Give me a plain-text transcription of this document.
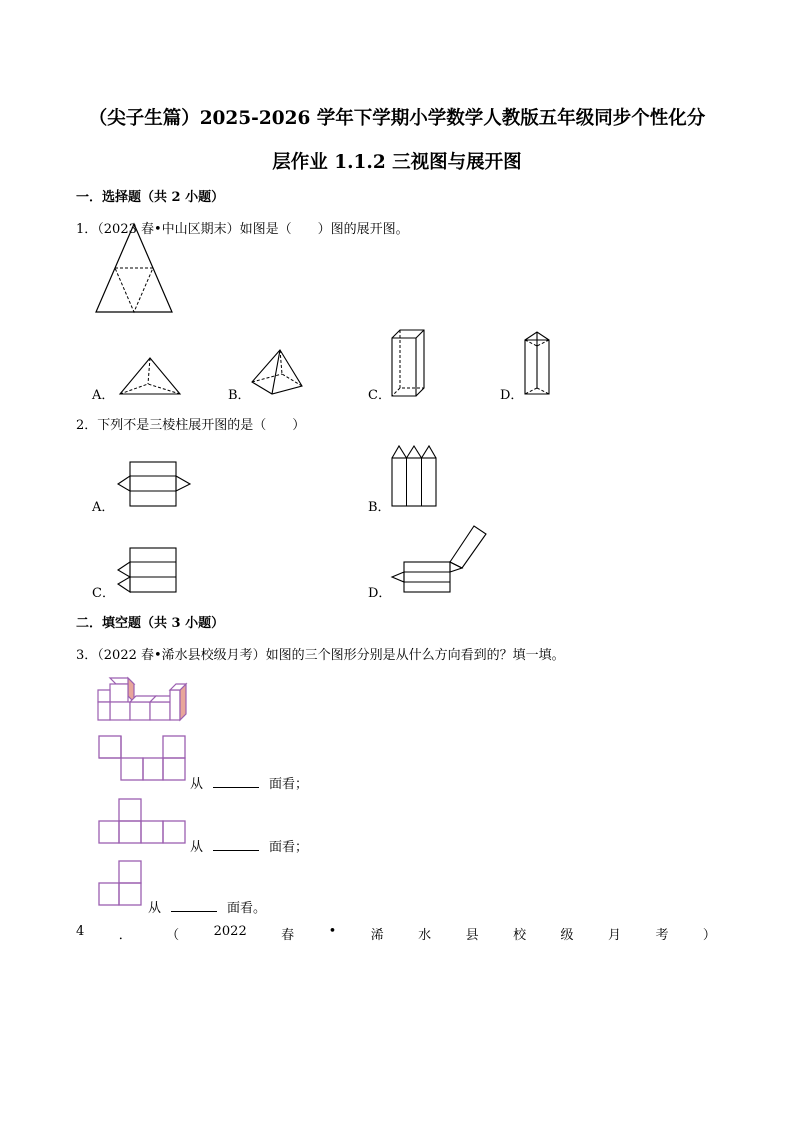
（尖子生篇）2025-2026 学年下学期小学数学人教版五年级同步个性化分
层作业 1.1.2 三视图与展开图
一．选择题（共 2 小题）
1．（2023 春•中山区期末）如图是（　　）图的展开图。
A．	B．	C．	D．
2．下列不是三棱柱展开图的是（　　）
A．	B．
C．	D．
二．填空题（共 3 小题）
3．（2022 春•浠水县校级月考）如图的三个图形分别是从什么方向看到的？填一填。
从	面看；
从	面看；
从	面看。
4	．	（	2022	春	•	浠	水	县	校	级	月	考	）
